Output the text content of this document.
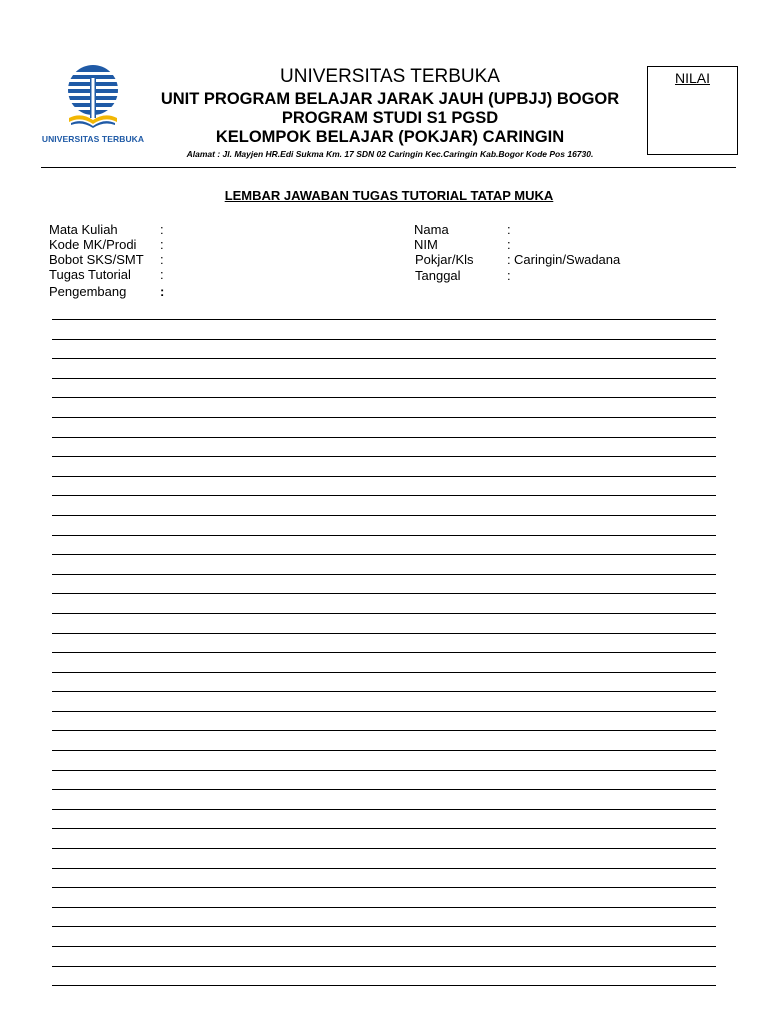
UNIVERSITAS TERBUKA
UNIVERSITAS TERBUKA
UNIT PROGRAM BELAJAR JARAK JAUH (UPBJJ) BOGOR
PROGRAM STUDI S1 PGSD
KELOMPOK BELAJAR (POKJAR) CARINGIN
Alamat : Jl. Mayjen HR.Edi Sukma Km. 17 SDN 02 Caringin Kec.Caringin Kab.Bogor Kode Pos 16730.
NILAI
LEMBAR JAWABAN TUGAS TUTORIAL TATAP MUKA
Mata Kuliah	:
Kode MK/Prodi :
Bobot SKS/SMT :
Tugas Tutorial :
Pengembang	:
Nama	:
NIM	:
Pokjar/Kls	: Caringin/Swadana
Tanggal	:
